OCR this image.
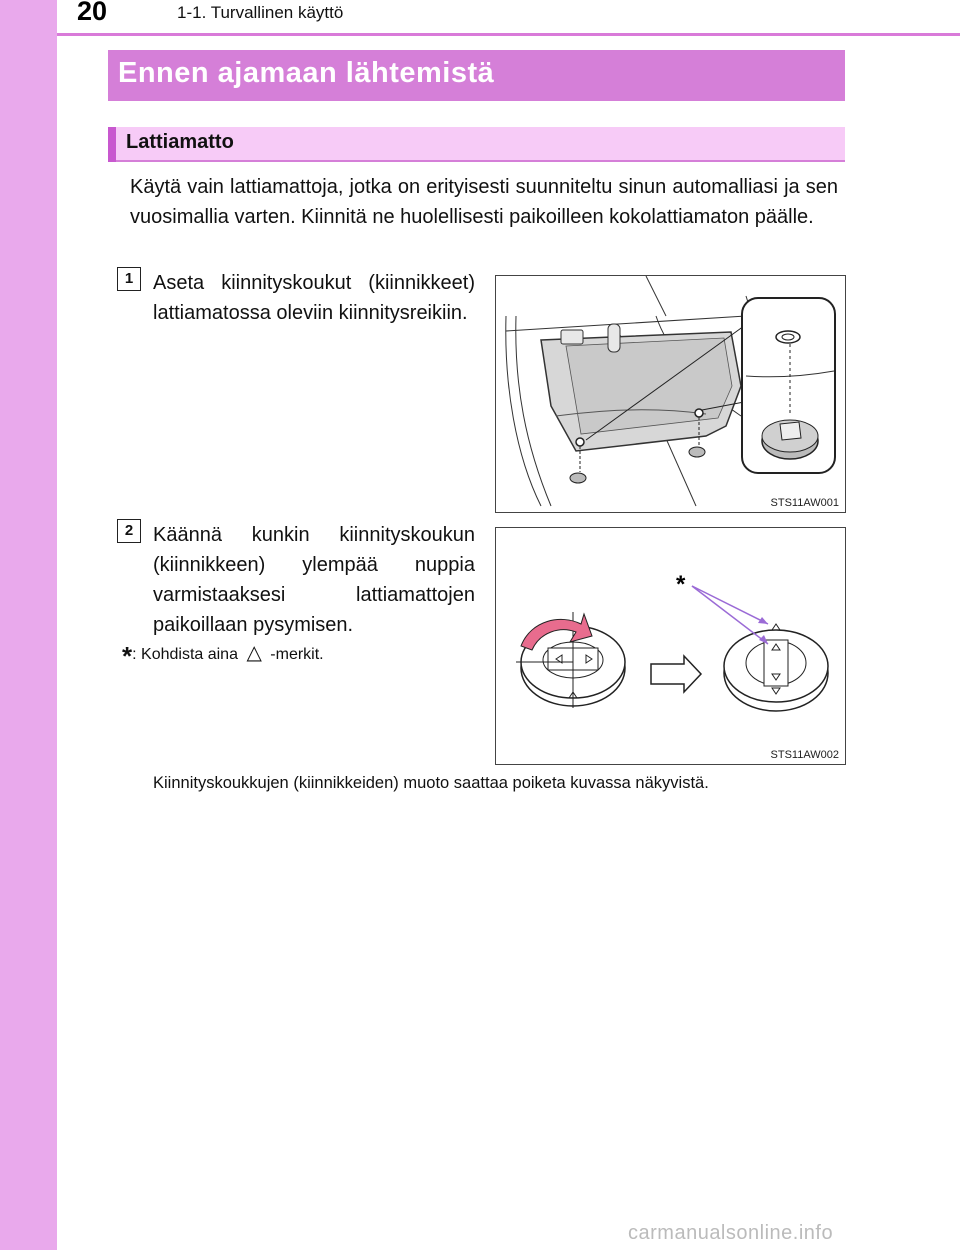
20	1-1. Turvallinen käyttö
Ennen ajamaan lähtemistä
Lattiamatto
Käytä vain lattiamattoja, jotka on erityisesti suunniteltu sinun automalliasi ja sen vuosimallia varten. Kiinnitä ne huolellisesti paikoilleen kokolattiamaton päälle.
1 Aseta kiinnityskoukut (kiinnikkeet) lattiamatossa oleviin kiinnitysreikiin.
STS11AW001
2 Käännä kunkin kiinnityskoukun (kiinnikkeen) ylempää nuppia varmistaaksesi lattiamattojen paikoillaan pysymisen.
*: Kohdista aina △ -merkit.
*
STS11AW002
Kiinnityskoukkujen (kiinnikkeiden) muoto saattaa poiketa kuvassa näkyvistä.
carmanualsonline.info
